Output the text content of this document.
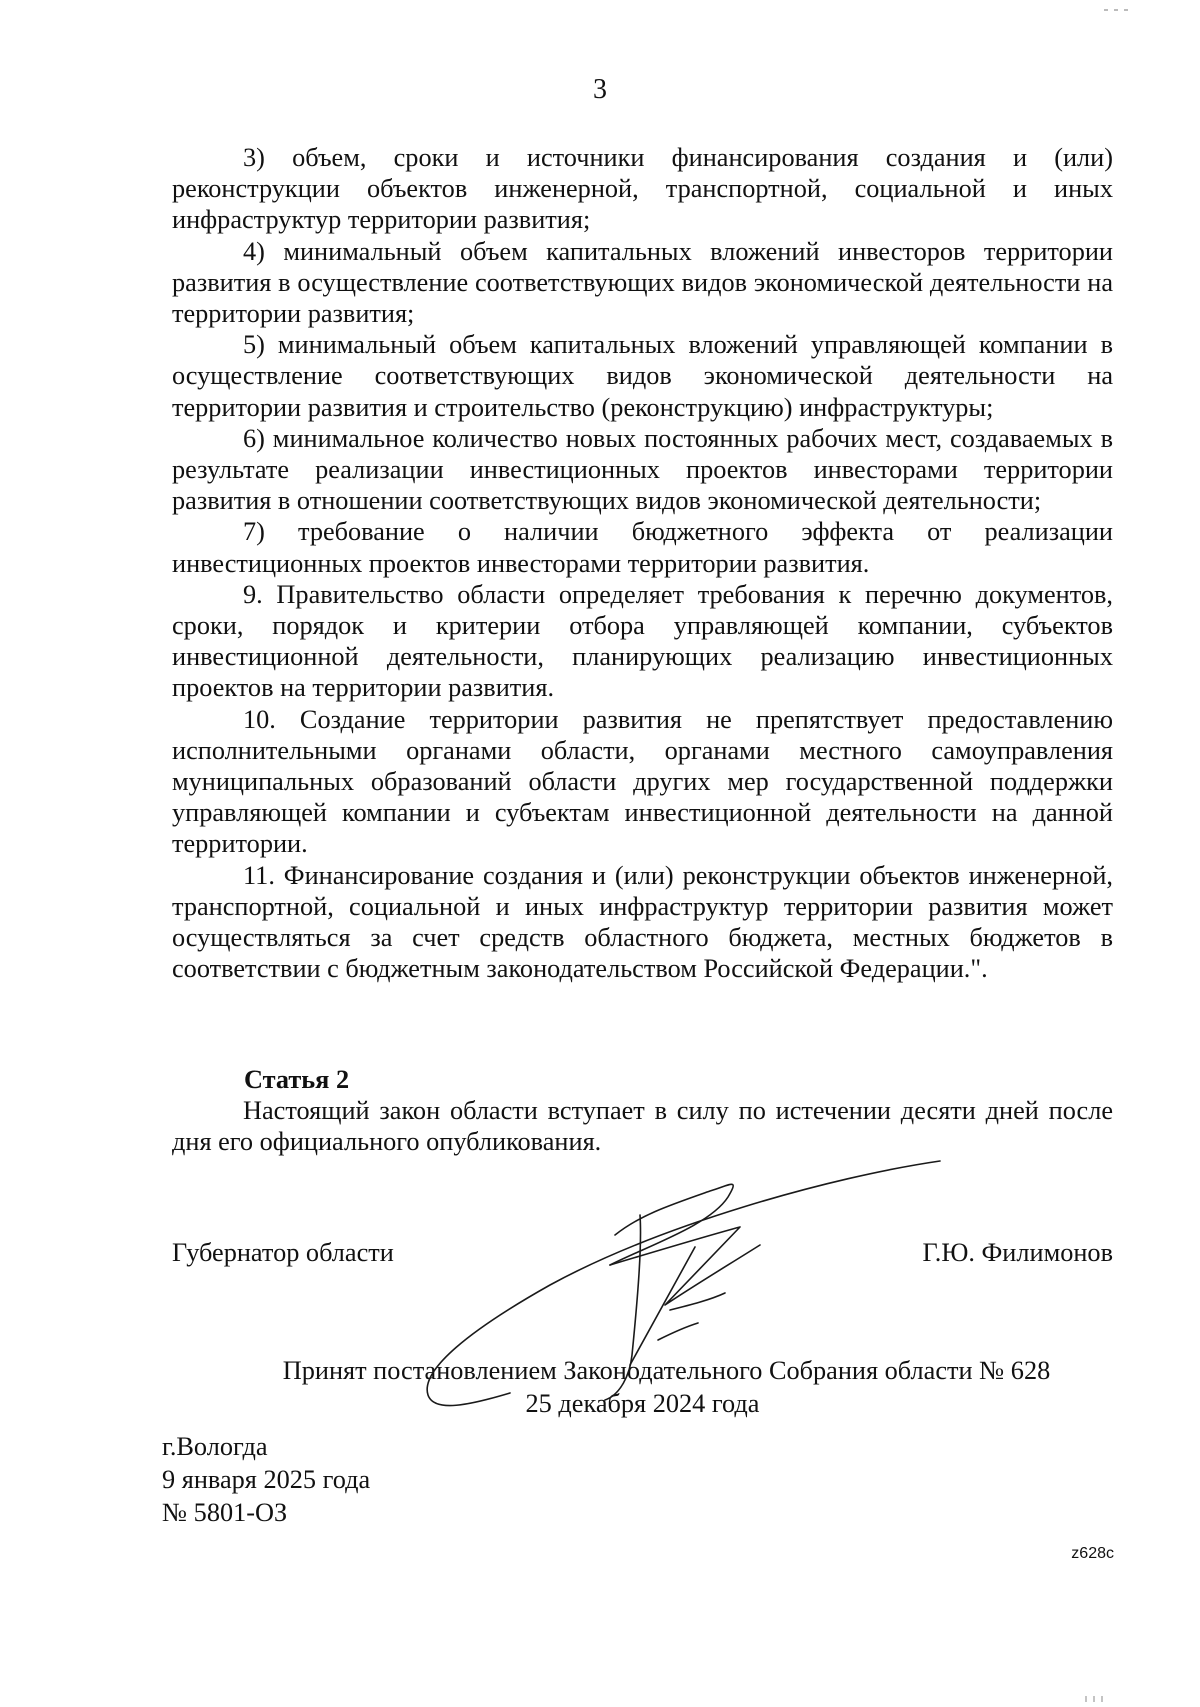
3

3) объем, сроки и источники финансирования создания и (или) реконструкции объектов инженерной, транспортной, социальной и иных инфраструктур территории развития;

4) минимальный объем капитальных вложений инвесторов территории развития в осуществление соответствующих видов экономической деятельности на территории развития;

5) минимальный объем капитальных вложений управляющей компании в осуществление соответствующих видов экономической деятельности на территории развития и строительство (реконструкцию) инфраструктуры;

6) минимальное количество новых постоянных рабочих мест, создаваемых в результате реализации инвестиционных проектов инвесторами территории развития в отношении соответствующих видов экономической деятельности;

7) требование о наличии бюджетного эффекта от реализации инвестиционных проектов инвесторами территории развития.

9. Правительство области определяет требования к перечню документов, сроки, порядок и критерии отбора управляющей компании, субъектов инвестиционной деятельности, планирующих реализацию инвестиционных проектов на территории развития.

10. Создание территории развития не препятствует предоставлению исполнительными органами области, органами местного самоуправления муниципальных образований области других мер государственной поддержки управляющей компании и субъектам инвестиционной деятельности на данной территории.

11. Финансирование создания и (или) реконструкции объектов инженерной, транспортной, социальной и иных инфраструктур территории развития может осуществляться за счет средств областного бюджета, местных бюджетов в соответствии с бюджетным законодательством Российской Федерации.".

Статья 2

Настоящий закон области вступает в силу по истечении десяти дней после дня его официального опубликования.

Губернатор области	Г.Ю. Филимонов
Принят постановлением Законодательного Собрания области № 628
25 декабря 2024 года
г.Вологда
9 января 2025 года
№ 5801-ОЗ
z628c
